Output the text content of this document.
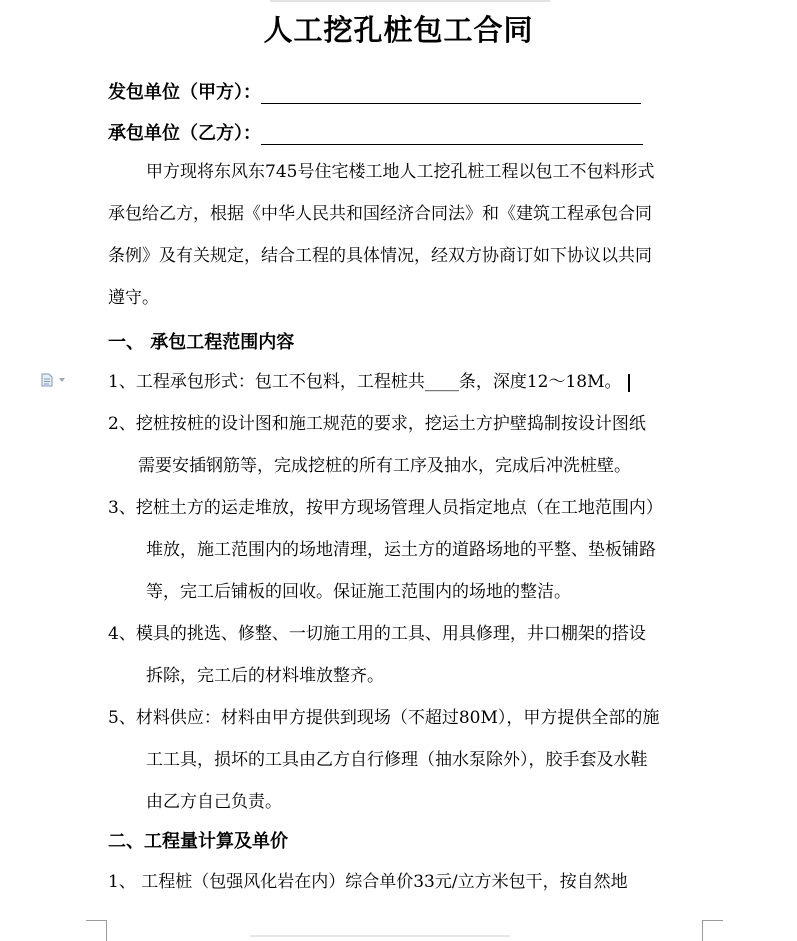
人工挖孔桩包工合同
发包单位（甲方）：
承包单位（乙方）：
甲方现将东风东745号住宅楼工地人工挖孔桩工程以包工不包料形式
承包给乙方，根据《中华人民共和国经济合同法》和《建筑工程承包合同
条例》及有关规定，结合工程的具体情况，经双方协商订如下协议以共同
遵守。
一、 承包工程范围内容
1、工程承包形式：包工不包料，工程桩共____条，深度12～18M。
2、挖桩按桩的设计图和施工规范的要求，挖运土方护壁捣制按设计图纸
需要安插钢筋等，完成挖桩的所有工序及抽水，完成后冲洗桩壁。
3、挖桩土方的运走堆放，按甲方现场管理人员指定地点（在工地范围内）
堆放，施工范围内的场地清理，运土方的道路场地的平整、垫板铺路
等，完工后铺板的回收。保证施工范围内的场地的整洁。
4、模具的挑选、修整、一切施工用的工具、用具修理，井口棚架的搭设
拆除，完工后的材料堆放整齐。
5、材料供应：材料由甲方提供到现场（不超过80M），甲方提供全部的施
工工具，损坏的工具由乙方自行修理（抽水泵除外），胶手套及水鞋
由乙方自己负责。
二、工程量计算及单价
1、 工程桩（包强风化岩在内）综合单价33元/立方米包干，按自然地
